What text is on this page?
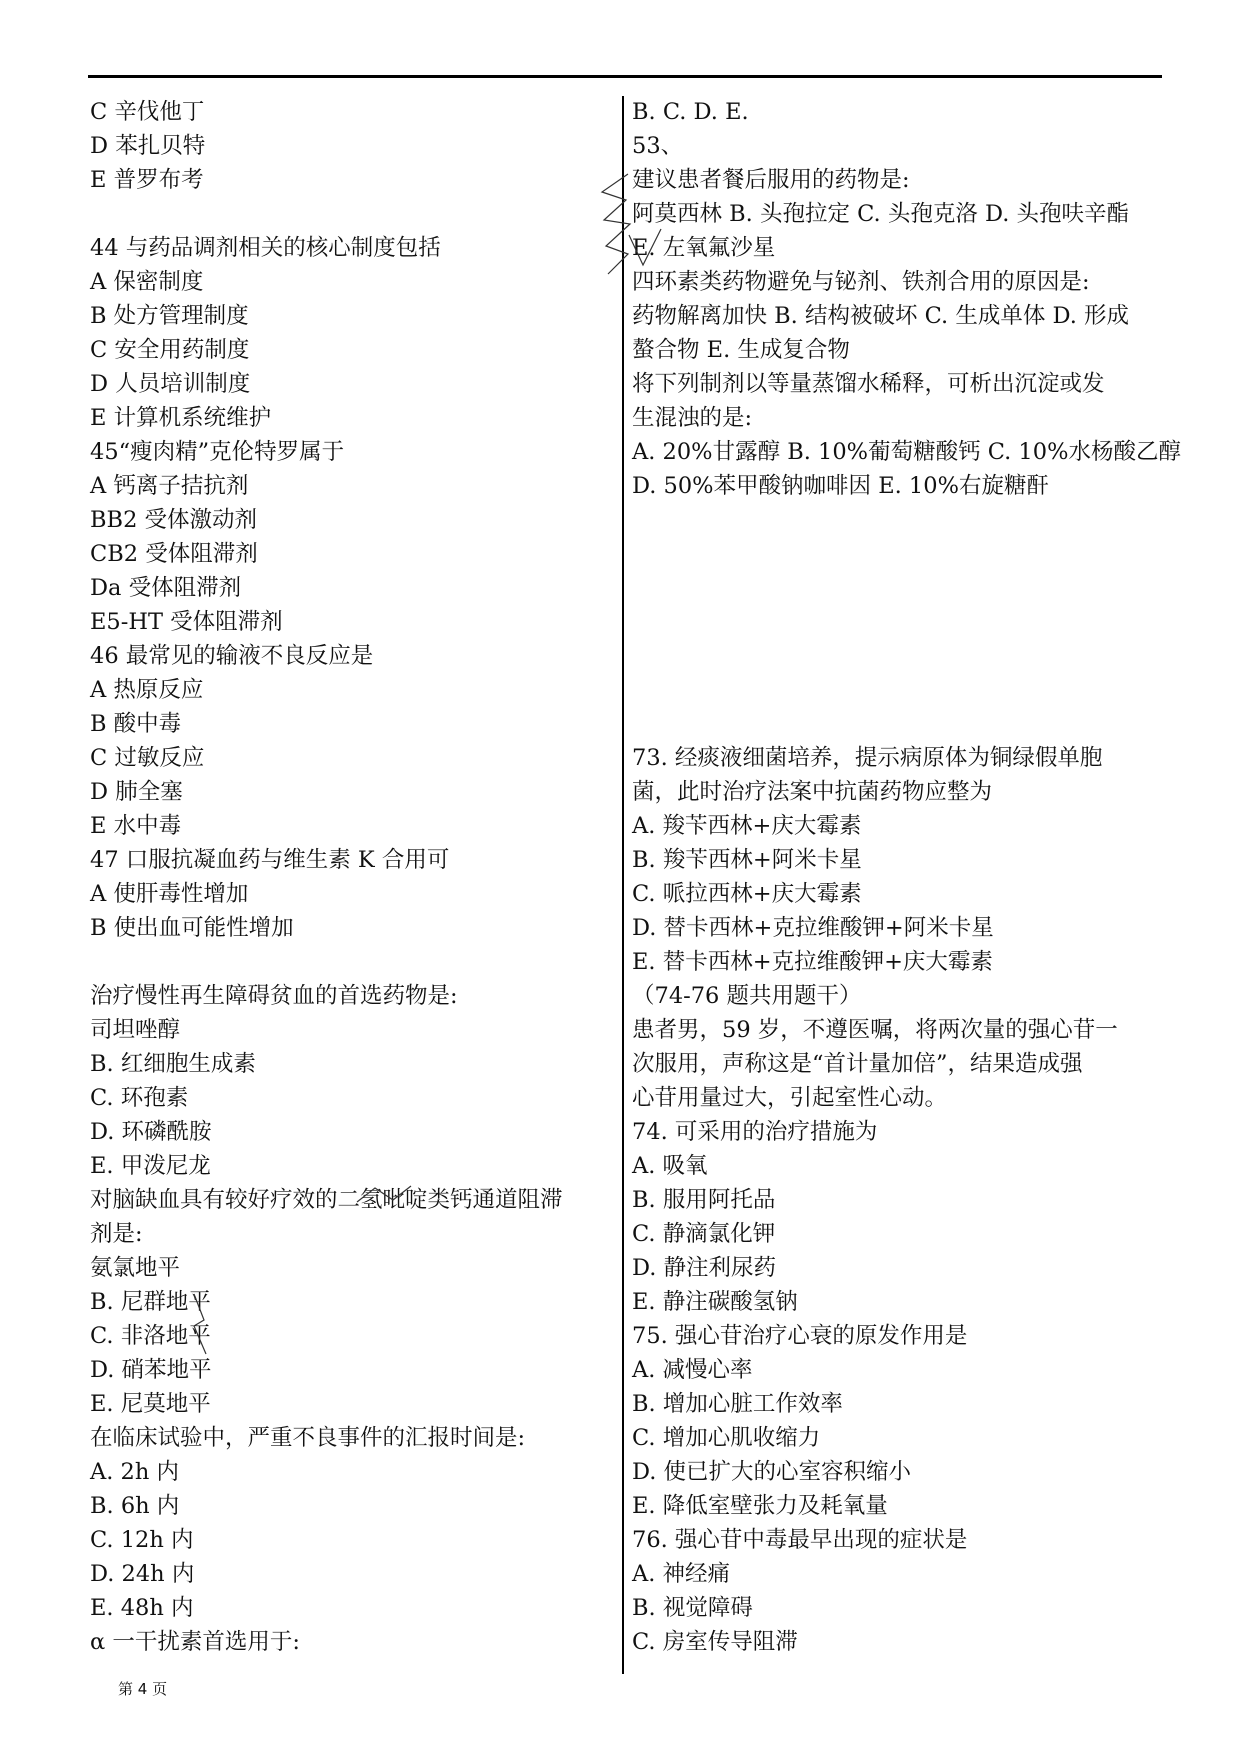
C 辛伐他丁
D 苯扎贝特
E 普罗布考
44 与药品调剂相关的核心制度包括
A 保密制度
B 处方管理制度
C 安全用药制度
D 人员培训制度
E 计算机系统维护
45“瘦肉精”克伦特罗属于
A 钙离子拮抗剂
BB2 受体激动剂
CB2 受体阻滞剂
Da 受体阻滞剂
E5-HT 受体阻滞剂
46 最常见的输液不良反应是
A 热原反应
B 酸中毒
C 过敏反应
D 肺全塞
E 水中毒
47 口服抗凝血药与维生素 K 合用可
A 使肝毒性增加
B 使出血可能性增加
治疗慢性再生障碍贫血的首选药物是:
司坦唑醇
B. 红细胞生成素
C. 环孢素
D. 环磷酰胺
E. 甲泼尼龙
对脑缺血具有较好疗效的二氢吡啶类钙通道阻滞
剂是:
氨氯地平
B. 尼群地平
C. 非洛地平
D. 硝苯地平
E. 尼莫地平
在临床试验中，严重不良事件的汇报时间是:
A. 2h 内
B. 6h 内
C. 12h 内
D. 24h 内
E. 48h 内
α 一干扰素首选用于:
B. C. D. E.
53、
建议患者餐后服用的药物是:
阿莫西林 B. 头孢拉定 C. 头孢克洛 D. 头孢呋辛酯
E. 左氧氟沙星
四环素类药物避免与铋剂、铁剂合用的原因是:
药物解离加快 B. 结构被破坏 C. 生成单体 D. 形成
螯合物 E. 生成复合物
将下列制剂以等量蒸馏水稀释，可析出沉淀或发
生混浊的是:
A. 20%甘露醇 B. 10%葡萄糖酸钙 C. 10%水杨酸乙醇
D. 50%苯甲酸钠咖啡因 E. 10%右旋糖酐
73. 经痰液细菌培养，提示病原体为铜绿假单胞
菌，此时治疗法案中抗菌药物应整为
A. 羧苄西林+庆大霉素
B. 羧苄西林+阿米卡星
C. 哌拉西林+庆大霉素
D. 替卡西林+克拉维酸钾+阿米卡星
E. 替卡西林+克拉维酸钾+庆大霉素
（74-76 题共用题干）
患者男，59 岁，不遵医嘱，将两次量的强心苷一
次服用，声称这是“首计量加倍”，结果造成强
心苷用量过大，引起室性心动。
74. 可采用的治疗措施为
A. 吸氧
B. 服用阿托品
C. 静滴氯化钾
D. 静注利尿药
E. 静注碳酸氢钠
75. 强心苷治疗心衰的原发作用是
A. 减慢心率
B. 增加心脏工作效率
C. 增加心肌收缩力
D. 使已扩大的心室容积缩小
E. 降低室壁张力及耗氧量
76. 强心苷中毒最早出现的症状是
A. 神经痛
B. 视觉障碍
C. 房室传导阻滞
第 4 页
